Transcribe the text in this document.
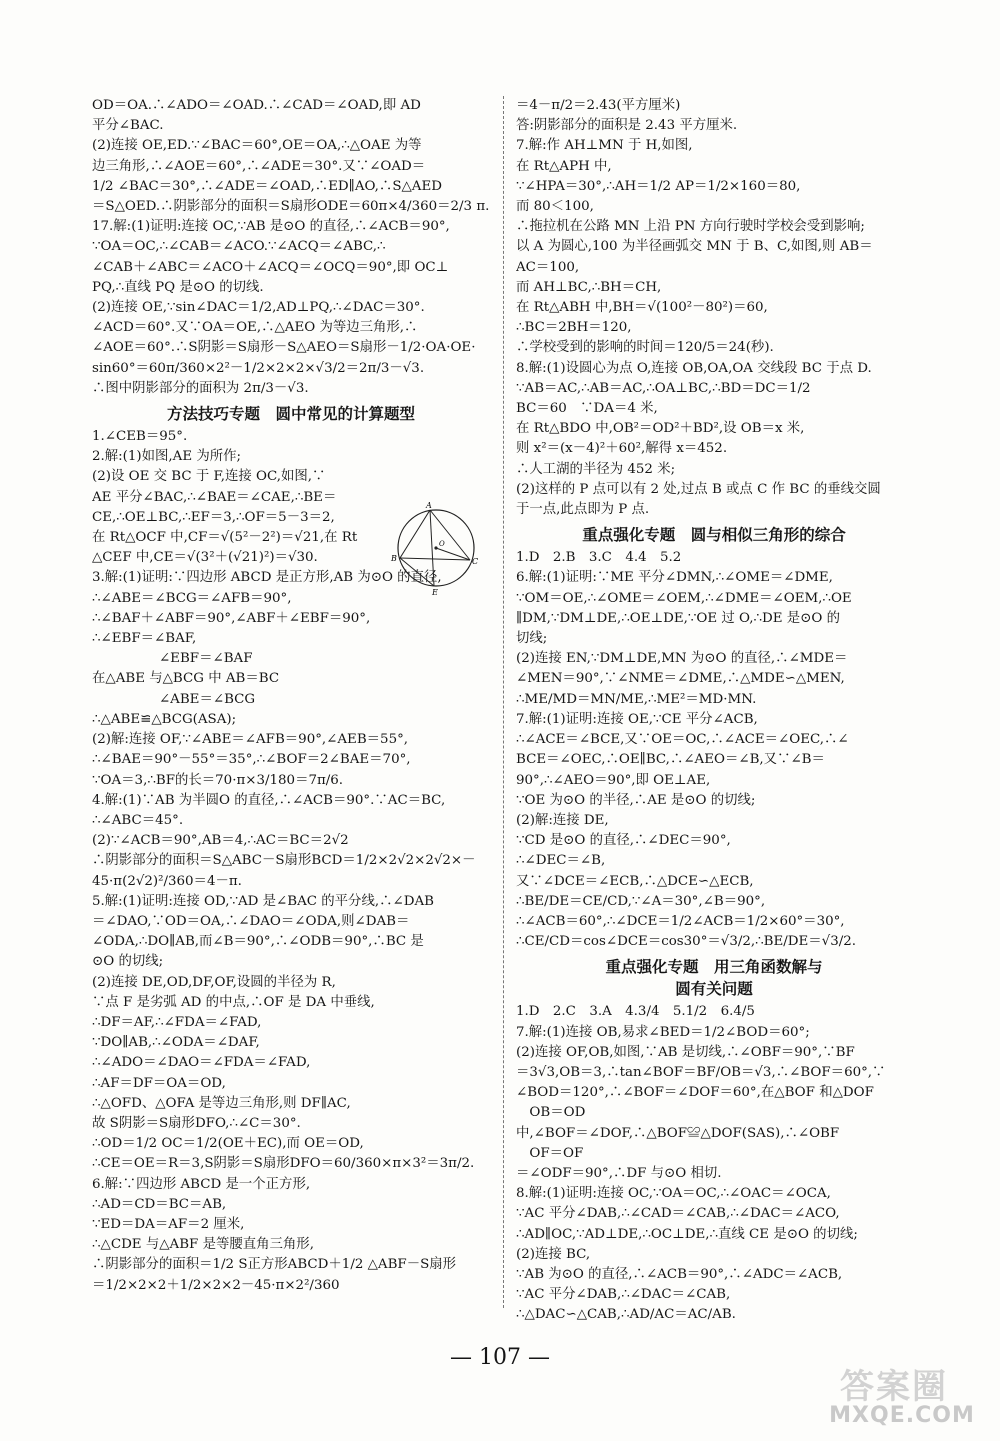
OD＝OA.∴∠ADO＝∠OAD.∴∠CAD＝∠OAD,即 AD
平分∠BAC.
(2)连接 OE,ED.∵∠BAC＝60°,OE＝OA,∴△OAE 为等
边三角形,∴∠AOE＝60°,∴∠ADE＝30°.又∵∠OAD＝
1/2 ∠BAC＝30°,∴∠ADE＝∠OAD,∴ED∥AO,∴S△AED
＝S△OED.∴阴影部分的面积＝S扇形ODE＝60π×4/360＝2/3 π.
17.解:(1)证明:连接 OC,∵AB 是⊙O 的直径,∴∠ACB＝90°,
∵OA＝OC,∴∠CAB＝∠ACO.∵∠ACQ＝∠ABC,∴
∠CAB＋∠ABC＝∠ACO＋∠ACQ＝∠OCQ＝90°,即 OC⊥
PQ,∴直线 PQ 是⊙O 的切线.
(2)连接 OE,∵sin∠DAC＝1/2,AD⊥PQ,∴∠DAC＝30°.
∠ACD＝60°.又∵OA＝OE,∴△AEO 为等边三角形,∴
∠AOE＝60°.∴S阴影＝S扇形－S△AEO＝S扇形－1/2·OA·OE·
sin60°＝60π/360×2²－1/2×2×2×√3/2＝2π/3－√3.
∴图中阴影部分的面积为 2π/3－√3.
方法技巧专题　圆中常见的计算题型
1.∠CEB＝95°.
2.解:(1)如图,AE 为所作;
(2)设 OE 交 BC 于 F,连接 OC,如图,∵
AE 平分∠BAC,∴∠BAE＝∠CAE,∴BE＝
CE,∴OE⊥BC,∴EF＝3,∴OF＝5－3＝2,
在 Rt△OCF 中,CF＝√(5²－2²)＝√21,在 Rt
△CEF 中,CE＝√(3²＋(√21)²)＝√30.
3.解:(1)证明:∵四边形 ABCD 是正方形,AB 为⊙O 的直径,
∴∠ABE＝∠BCG＝∠AFB＝90°,
∴∠BAF＋∠ABF＝90°,∠ABF＋∠EBF＝90°,
∴∠EBF＝∠BAF,
　　　　　∠EBF＝∠BAF
在△ABE 与△BCG 中 AB＝BC
　　　　　∠ABE＝∠BCG
∴△ABE≌△BCG(ASA);
(2)解:连接 OF,∵∠ABE＝∠AFB＝90°,∠AEB＝55°,
∴∠BAE＝90°－55°＝35°,∴∠BOF＝2∠BAE＝70°,
∵OA＝3,∴BF的长＝70·π×3/180＝7π/6.
4.解:(1)∵AB 为半圆O 的直径,∴∠ACB＝90°.∵AC＝BC,
∴∠ABC＝45°.
(2)∵∠ACB＝90°,AB＝4,∴AC＝BC＝2√2
∴阴影部分的面积＝S△ABC－S扇形BCD＝1/2×2√2×2√2×－
45·π(2√2)²/360＝4－π.
5.解:(1)证明:连接 OD,∵AD 是∠BAC 的平分线,∴∠DAB
＝∠DAO,∵OD＝OA,∴∠DAO＝∠ODA,则∠DAB＝
∠ODA,∴DO∥AB,而∠B＝90°,∴∠ODB＝90°,∴BC 是
⊙O 的切线;
(2)连接 DE,OD,DF,OF,设圆的半径为 R,
∵点 F 是劣弧 AD 的中点,∴OF 是 DA 中垂线,
∴DF＝AF,∴∠FDA＝∠FAD,
∵DO∥AB,∴∠ODA＝∠DAF,
∴∠ADO＝∠DAO＝∠FDA＝∠FAD,
∴AF＝DF＝OA＝OD,
∴△OFD、△OFA 是等边三角形,则 DF∥AC,
故 S阴影＝S扇形DFO,∴∠C＝30°.
∴OD＝1/2 OC＝1/2(OE＋EC),而 OE＝OD,
∴CE＝OE＝R＝3,S阴影＝S扇形DFO＝60/360×π×3²＝3π/2.
6.解:∵四边形 ABCD 是一个正方形,
∴AD＝CD＝BC＝AB,
∵ED＝DA＝AF＝2 厘米,
∴△CDE 与△ABF 是等腰直角三角形,
∴阴影部分的面积＝1/2 S正方形ABCD＋1/2 △ABF－S扇形
＝1/2×2×2＋1/2×2×2－45·π×2²/360
＝4－π/2＝2.43(平方厘米)
答:阴影部分的面积是 2.43 平方厘米.
7.解:作 AH⊥MN 于 H,如图,
在 Rt△APH 中,
∵∠HPA＝30°,∴AH＝1/2 AP＝1/2×160＝80,
而 80＜100,
∴拖拉机在公路 MN 上沿 PN 方向行驶时学校会受到影响;
以 A 为圆心,100 为半径画弧交 MN 于 B、C,如图,则 AB＝
AC＝100,
而 AH⊥BC,∴BH＝CH,
在 Rt△ABH 中,BH＝√(100²－80²)＝60,
∴BC＝2BH＝120,
∴学校受到的影响的时间＝120/5＝24(秒).
8.解:(1)设圆心为点 O,连接 OB,OA,OA 交线段 BC 于点 D.
∵AB＝AC,∴AB＝AC,∴OA⊥BC,∴BD＝DC＝1/2
BC＝60　∵DA＝4 米,
在 Rt△BDO 中,OB²＝OD²＋BD²,设 OB＝x 米,
则 x²＝(x－4)²＋60²,解得 x＝452.
∴人工湖的半径为 452 米;
(2)这样的 P 点可以有 2 处,过点 B 或点 C 作 BC 的垂线交圆
于一点,此点即为 P 点.
重点强化专题　圆与相似三角形的综合
1.D　2.B　3.C　4.4　5.2
6.解:(1)证明:∵ME 平分∠DMN,∴∠OME＝∠DME,
∵OM＝OE,∴∠OME＝∠OEM,∴∠DME＝∠OEM,∴OE
∥DM,∵DM⊥DE,∴OE⊥DE,∵OE 过 O,∴DE 是⊙O 的
切线;
(2)连接 EN,∵DM⊥DE,MN 为⊙O 的直径,∴∠MDE＝
∠MEN＝90°,∵∠NME＝∠DME,∴△MDE∽△MEN,
∴ME/MD＝MN/ME,∴ME²＝MD·MN.
7.解:(1)证明:连接 OE,∵CE 平分∠ACB,
∴∠ACE＝∠BCE,又∵OE＝OC,∴∠ACE＝∠OEC,∴∠
BCE＝∠OEC,∴OE∥BC,∴∠AEO＝∠B,又∵∠B＝
90°,∴∠AEO＝90°,即 OE⊥AE,
∵OE 为⊙O 的半径,∴AE 是⊙O 的切线;
(2)解:连接 DE,
∵CD 是⊙O 的直径,∴∠DEC＝90°,
∴∠DEC＝∠B,
又∵∠DCE＝∠ECB,∴△DCE∽△ECB,
∴BE/DE＝CE/CD,∵∠A＝30°,∠B＝90°,
∴∠ACB＝60°,∴∠DCE＝1/2∠ACB＝1/2×60°＝30°,
∴CE/CD＝cos∠DCE＝cos30°＝√3/2,∴BE/DE＝√3/2.
重点强化专题　用三角函数解与
圆有关问题
1.D　2.C　3.A　4.3/4　5.1/2　6.4/5
7.解:(1)连接 OB,易求∠BED＝1/2∠BOD＝60°;
(2)连接 OF,OB,如图,∵AB 是切线,∴∠OBF＝90°,∵BF
＝3√3,OB＝3,∴tan∠BOF＝BF/OB＝√3,∴∠BOF＝60°,∵
∠BOD＝120°,∴∠BOF＝∠DOF＝60°,在△BOF 和△DOF
　OB＝OD
中,∠BOF＝∠DOF,∴△BOF≌△DOF(SAS),∴∠OBF
　OF＝OF
＝∠ODF＝90°,∴DF 与⊙O 相切.
8.解:(1)证明:连接 OC,∵OA＝OC,∴∠OAC＝∠OCA,
∵AC 平分∠DAB,∴∠CAD＝∠CAB,∴∠DAC＝∠ACO,
∴AD∥OC,∵AD⊥DE,∴OC⊥DE,∴直线 CE 是⊙O 的切线;
(2)连接 BC,
∵AB 为⊙O 的直径,∴∠ACB＝90°,∴∠ADC＝∠ACB,
∵AC 平分∠DAB,∴∠DAC＝∠CAB,
∴△DAC∽△CAB,∴AD/AC＝AC/AB.
A
B	C
E
O
— 107 —
答案圈
MXQE.COM
